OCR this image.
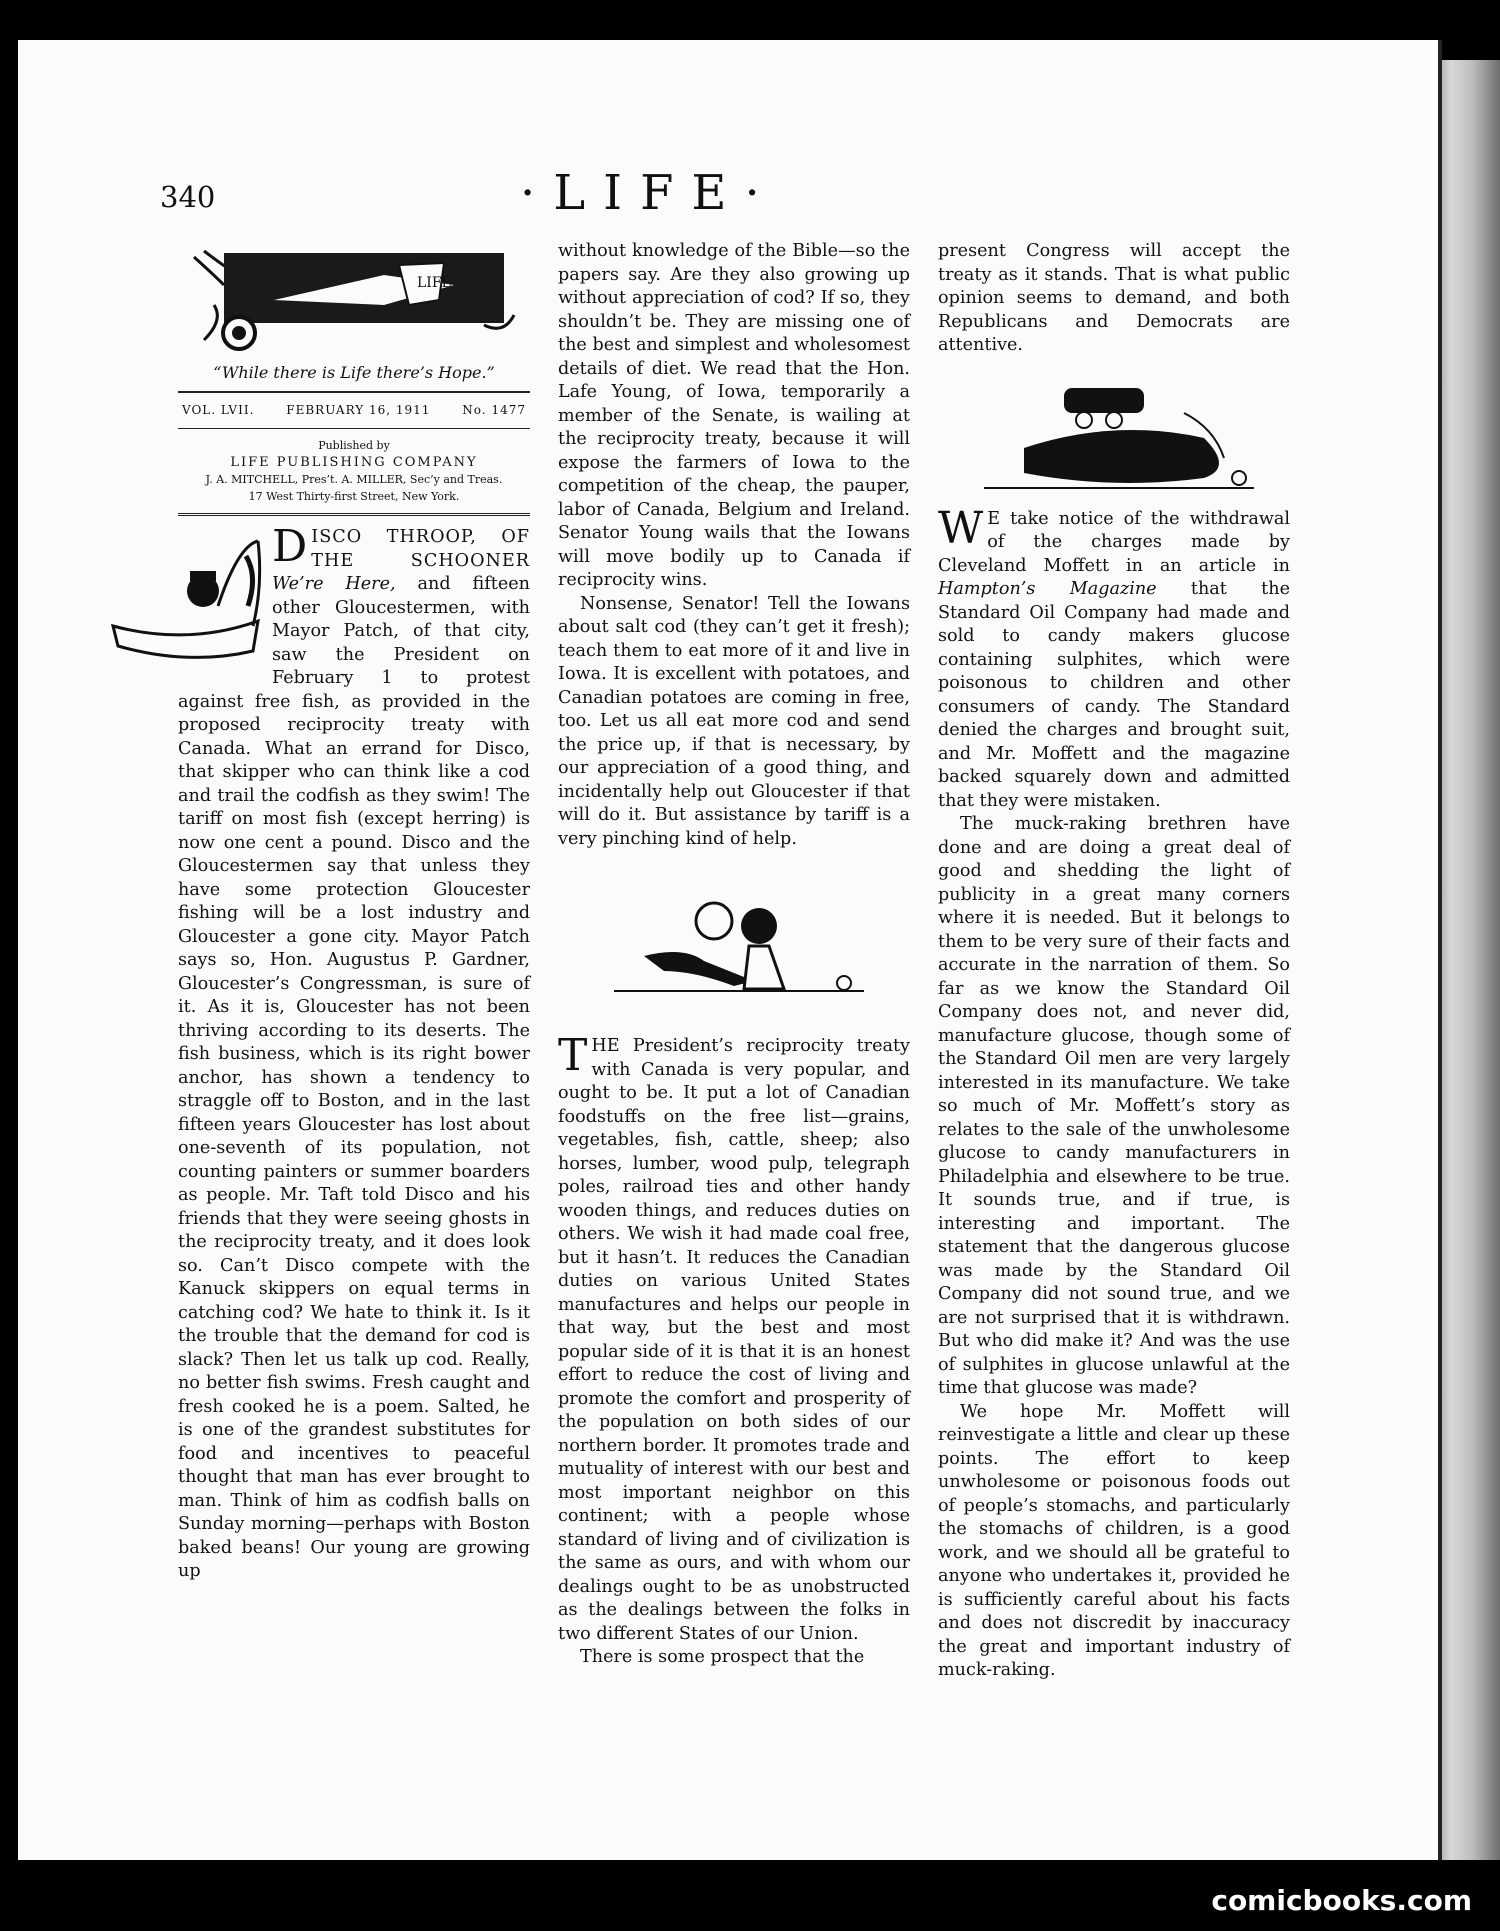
340	·LIFE·
LIFE
“While there is Life there’s Hope.”
VOL. LVII.	FEBRUARY 16, 1911	No. 1477
Published by
LIFE PUBLISHING COMPANY
J. A. MITCHELL, Pres’t. A. MILLER, Sec’y and Treas.
17 West Thirty-first Street, New York.

DISCO THROOP, OF THE SCHOONER We’re Here, and fifteen other Gloucestermen, with Mayor Patch, of that city, saw the President on February 1 to protest against free fish, as provided in the proposed reciprocity treaty with Canada. What an errand for Disco, that skipper who can think like a cod and trail the codfish as they swim! The tariff on most fish (except herring) is now one cent a pound. Disco and the Gloucestermen say that unless they have some protection Gloucester fishing will be a lost industry and Gloucester a gone city. Mayor Patch says so, Hon. Augustus P. Gardner, Gloucester’s Congressman, is sure of it. As it is, Gloucester has not been thriving according to its deserts. The fish business, which is its right bower anchor, has shown a tendency to straggle off to Boston, and in the last fifteen years Gloucester has lost about one-seventh of its population, not counting painters or summer boarders as people. Mr. Taft told Disco and his friends that they were seeing ghosts in the reciprocity treaty, and it does look so. Can’t Disco compete with the Kanuck skippers on equal terms in catching cod? We hate to think it. Is it the trouble that the demand for cod is slack? Then let us talk up cod. Really, no better fish swims. Fresh caught and fresh cooked he is a poem. Salted, he is one of the grandest substitutes for food and incentives to peaceful thought that man has ever brought to man. Think of him as codfish balls on Sunday morning—perhaps with Boston baked beans! Our young are growing up

without knowledge of the Bible—so the papers say. Are they also growing up without appreciation of cod? If so, they shouldn’t be. They are missing one of the best and simplest and wholesomest details of diet. We read that the Hon. Lafe Young, of Iowa, temporarily a member of the Senate, is wailing at the reciprocity treaty, because it will expose the farmers of Iowa to the competition of the cheap, the pauper, labor of Canada, Belgium and Ireland. Senator Young wails that the Iowans will move bodily up to Canada if reciprocity wins.

Nonsense, Senator! Tell the Iowans about salt cod (they can’t get it fresh); teach them to eat more of it and live in Iowa. It is excellent with potatoes, and Canadian potatoes are coming in free, too. Let us all eat more cod and send the price up, if that is necessary, by our appreciation of a good thing, and incidentally help out Gloucester if that will do it. But assistance by tariff is a very pinching kind of help.

THE President’s reciprocity treaty with Canada is very popular, and ought to be. It put a lot of Canadian foodstuffs on the free list—grains, vegetables, fish, cattle, sheep; also horses, lumber, wood pulp, telegraph poles, railroad ties and other handy wooden things, and reduces duties on others. We wish it had made coal free, but it hasn’t. It reduces the Canadian duties on various United States manufactures and helps our people in that way, but the best and most popular side of it is that it is an honest effort to reduce the cost of living and promote the comfort and prosperity of the population on both sides of our northern border. It promotes trade and mutuality of interest with our best and most important neighbor on this continent; with a people whose standard of living and of civilization is the same as ours, and with whom our dealings ought to be as unobstructed as the dealings between the folks in two different States of our Union.

There is some prospect that the

present Congress will accept the treaty as it stands. That is what public opinion seems to demand, and both Republicans and Democrats are attentive.

W E take notice of the withdrawal of the charges made by Cleveland Moffett in an article in Hampton’s Magazine that the Standard Oil Company had made and sold to candy makers glucose containing sulphites, which were poisonous to children and other consumers of candy. The Standard denied the charges and brought suit, and Mr. Moffett and the magazine backed squarely down and admitted that they were mistaken.

The muck-raking brethren have done and are doing a great deal of good and shedding the light of publicity in a great many corners where it is needed. But it belongs to them to be very sure of their facts and accurate in the narration of them. So far as we know the Standard Oil Company does not, and never did, manufacture glucose, though some of the Standard Oil men are very largely interested in its manufacture. We take so much of Mr. Moffett’s story as relates to the sale of the unwholesome glucose to candy manufacturers in Philadelphia and elsewhere to be true. It sounds true, and if true, is interesting and important. The statement that the dangerous glucose was made by the Standard Oil Company did not sound true, and we are not surprised that it is withdrawn. But who did make it? And was the use of sulphites in glucose unlawful at the time that glucose was made?

We hope Mr. Moffett will reinvestigate a little and clear up these points. The effort to keep unwholesome or poisonous foods out of people’s stomachs, and particularly the stomachs of children, is a good work, and we should all be grateful to anyone who undertakes it, provided he is sufficiently careful about his facts and does not discredit by inaccuracy the great and important industry of muck-raking.

comicbooks.com
